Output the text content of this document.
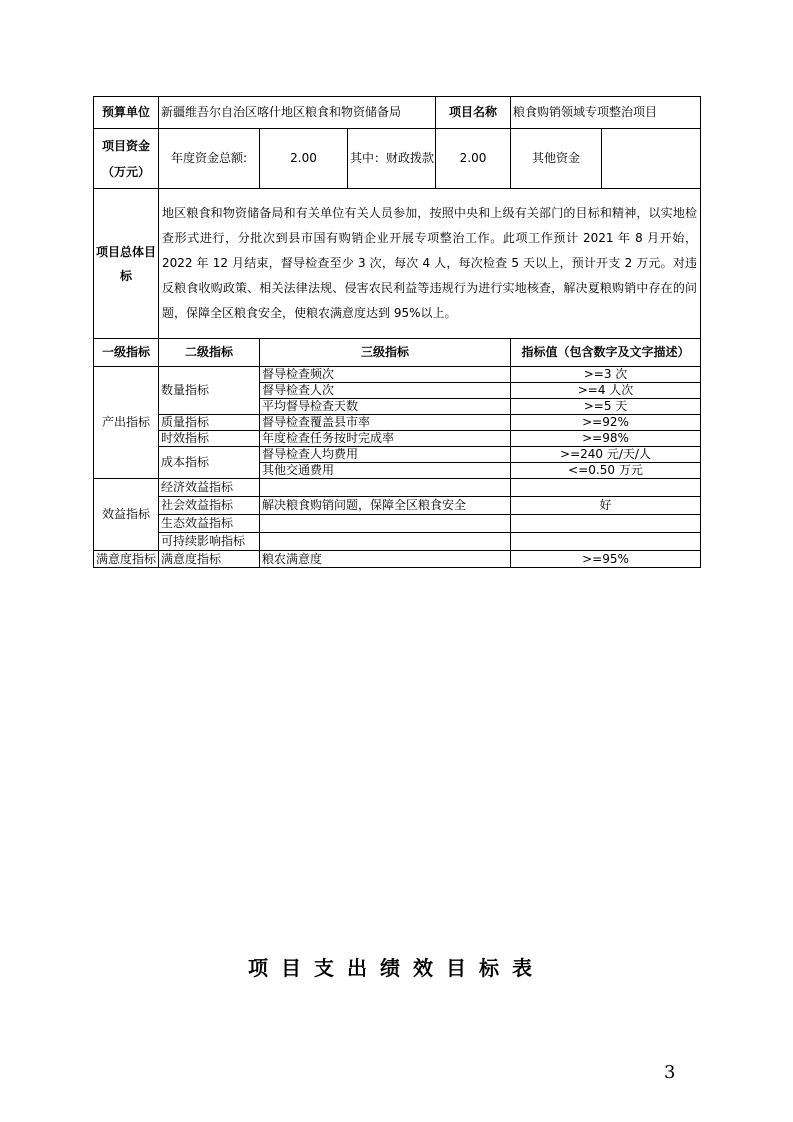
预算单位	新疆维吾尔自治区喀什地区粮食和物资储备局			项目名称	粮食购销领域专项整治项目	

项目资金
（万元）	年度资金总额:	2.00	其中：财政拨款	2.00	其他资金	
项目总体目标	地区粮食和物资储备局和有关单位有关人员参加，按照中央和上级有关部门的目标和精神，以实地检查形式进行，分批次到县市国有购销企业开展专项整治工作。此项工作预计 2021 年 8 月开始，2022 年 12 月结束，督导检查至少 3 次，每次 4 人，每次检查 5 天以上，预计开支 2 万元。对违反粮食收购政策、相关法律法规、侵害农民利益等违规行为进行实地核查，解决夏粮购销中存在的问题，保障全区粮食安全，使粮农满意度达到 95%以上。					
一级指标	二级指标	三级指标			指标值（包含数字及文字描述）	
产出指标	数量指标	督导检查频次			>=3 次	
		督导检查人次			>=4 人次	
		平均督导检查天数			>=5 天	

	质量指标	督导检查覆盖县市率			>=92%	
	时效指标	年度检查任务按时完成率			>=98%	
	成本指标	督导检查人均费用			>=240 元/天/人	
		其他交通费用			<=0.50 万元	
效益指标	经济效益指标					
	社会效益指标	解决粮食购销问题，保障全区粮食安全			好	
	生态效益指标					
	可持续影响指标					
满意度指标	满意度指标	粮农满意度			>=95%	
项目支出绩效目标表
3
